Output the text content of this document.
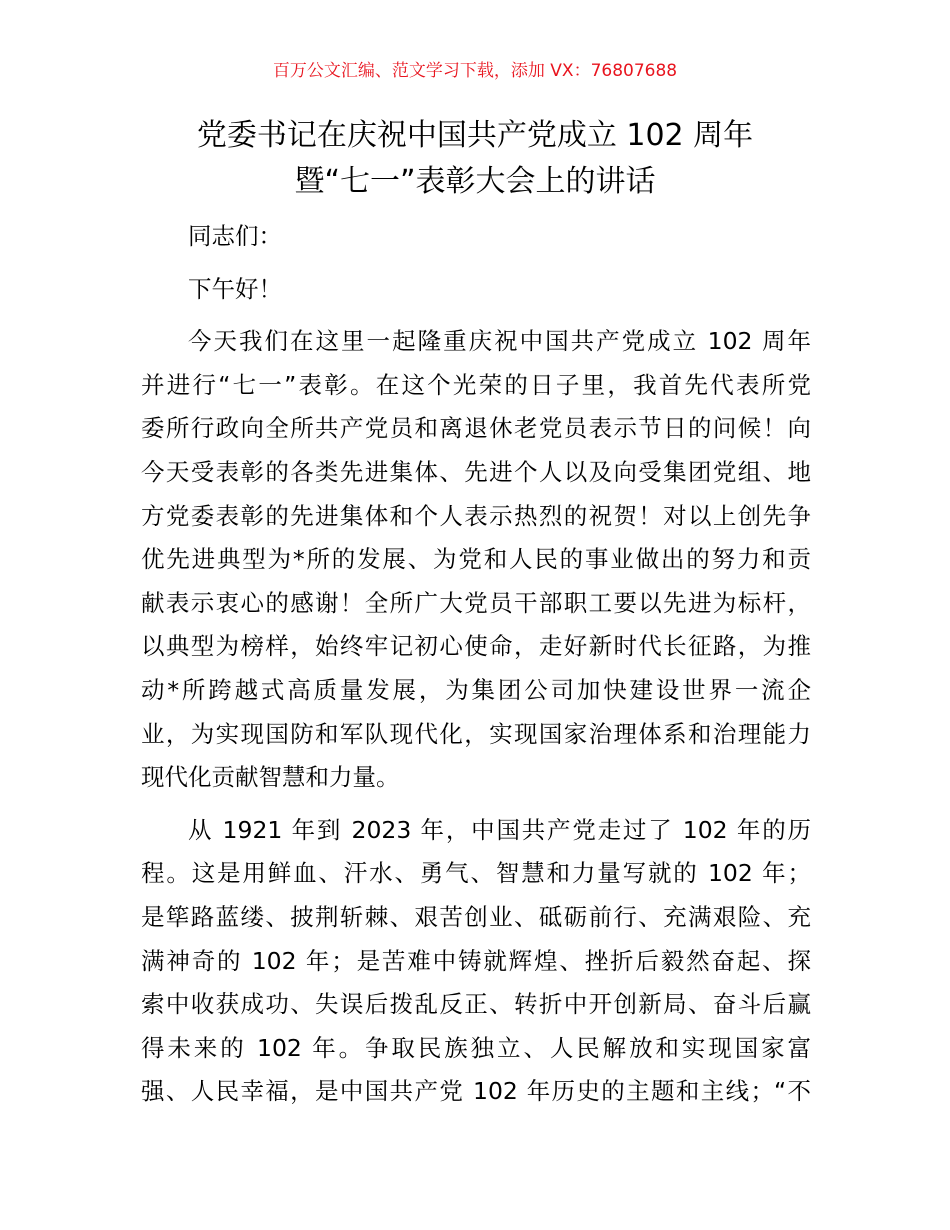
百万公文汇编、范文学习下载，添加 VX：76807688
党委书记在庆祝中国共产党成立 102 周年
暨“七一”表彰大会上的讲话

同志们：

下午好！

今天我们在这里一起隆重庆祝中国共产党成立 102 周年
并进行“七一”表彰。在这个光荣的日子里，我首先代表所党
委所行政向全所共产党员和离退休老党员表示节日的问候！向
今天受表彰的各类先进集体、先进个人以及向受集团党组、地
方党委表彰的先进集体和个人表示热烈的祝贺！对以上创先争
优先进典型为*所的发展、为党和人民的事业做出的努力和贡
献表示衷心的感谢！全所广大党员干部职工要以先进为标杆，
以典型为榜样，始终牢记初心使命，走好新时代长征路，为推
动*所跨越式高质量发展，为集团公司加快建设世界一流企
业，为实现国防和军队现代化，实现国家治理体系和治理能力
现代化贡献智慧和力量。
从 1921 年到 2023 年，中国共产党走过了 102 年的历
程。这是用鲜血、汗水、勇气、智慧和力量写就的 102 年；
是筚路蓝缕、披荆斩棘、艰苦创业、砥砺前行、充满艰险、充
满神奇的 102 年；是苦难中铸就辉煌、挫折后毅然奋起、探
索中收获成功、失误后拨乱反正、转折中开创新局、奋斗后赢
得未来的 102 年。争取民族独立、人民解放和实现国家富
强、人民幸福，是中国共产党 102 年历史的主题和主线；“不
